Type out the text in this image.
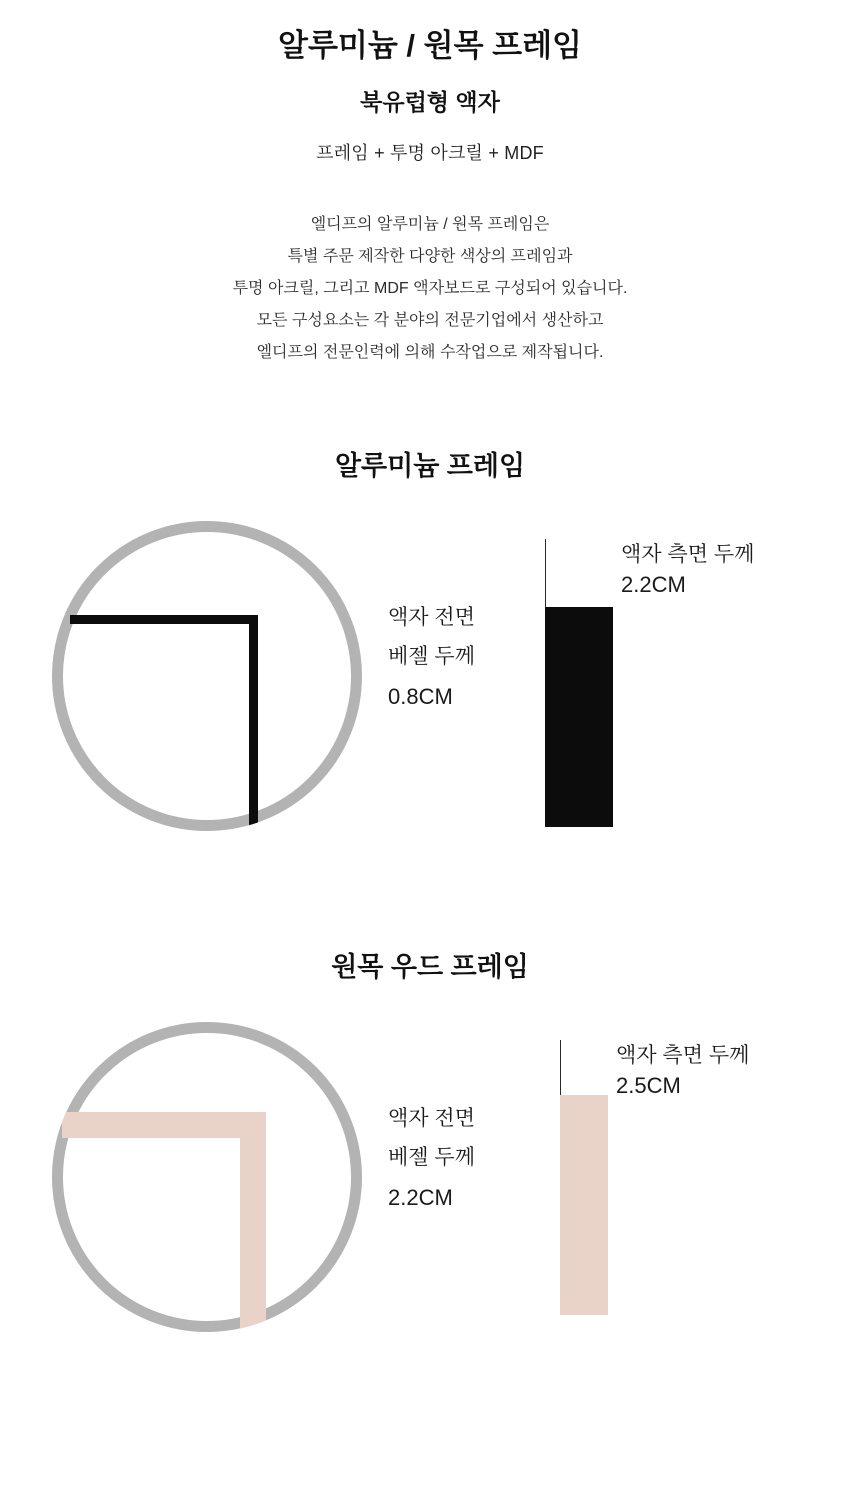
알루미늄 / 원목 프레임
북유럽형 액자
프레임 + 투명 아크릴 + MDF
엘디프의 알루미늄 / 원목 프레임은
특별 주문 제작한 다양한 색상의 프레임과
투명 아크릴, 그리고 MDF 액자보드로 구성되어 있습니다.
모든 구성요소는 각 분야의 전문기업에서 생산하고
엘디프의 전문인력에 의해 수작업으로 제작됩니다.
알루미늄 프레임
액자 전면
베젤 두께
0.8CM
액자 측면 두께
2.2CM
원목 우드 프레임
액자 전면
베젤 두께
2.2CM
액자 측면 두께
2.5CM
